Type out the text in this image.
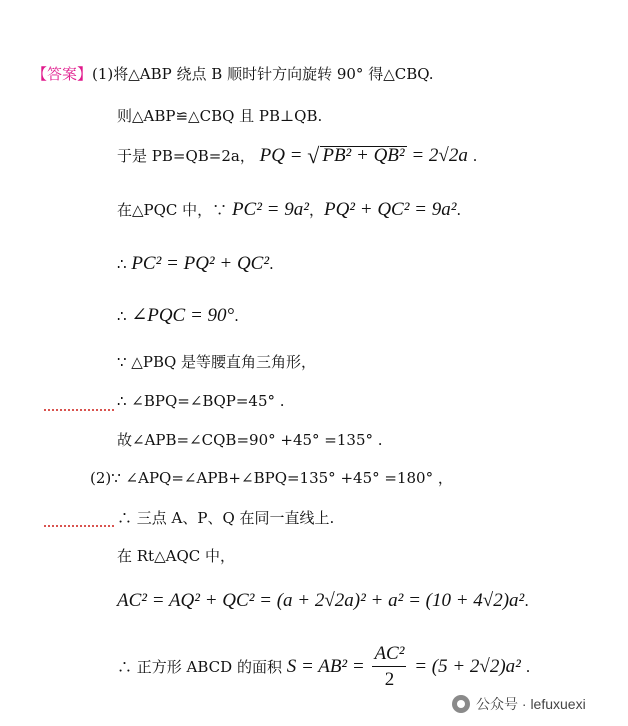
【答案】(1)将△ABP 绕点 B 顺时针方向旋转 90° 得△CBQ.
则△ABP≌△CBQ 且 PB⊥QB.
于是 PB=QB=2a， PQ = √ PB² + QB² = 2√2a .
在△PQC 中，∵ PC² = 9a²，PQ² + QC² = 9a².
∴ PC² = PQ² + QC².
∴ ∠PQC = 90°.
∵ △PBQ 是等腰直角三角形，
∴ ∠BPQ=∠BQP=45° .
故∠APB=∠CQB=90° +45° =135° .
(2)∵ ∠APQ=∠APB+∠BPQ=135° +45° =180° ，
∴ 三点 A、P、Q 在同一直线上.
在 Rt△AQC 中，
AC² = AQ² + QC² = (a + 2√2a)² + a² = (10 + 4√2)a².
∴ 正方形 ABCD 的面积 $S = AB^2 = \frac{\text{AC²}}{2} = (5 + 2√2)a^2$ .
公众号 · lefuxuexi
